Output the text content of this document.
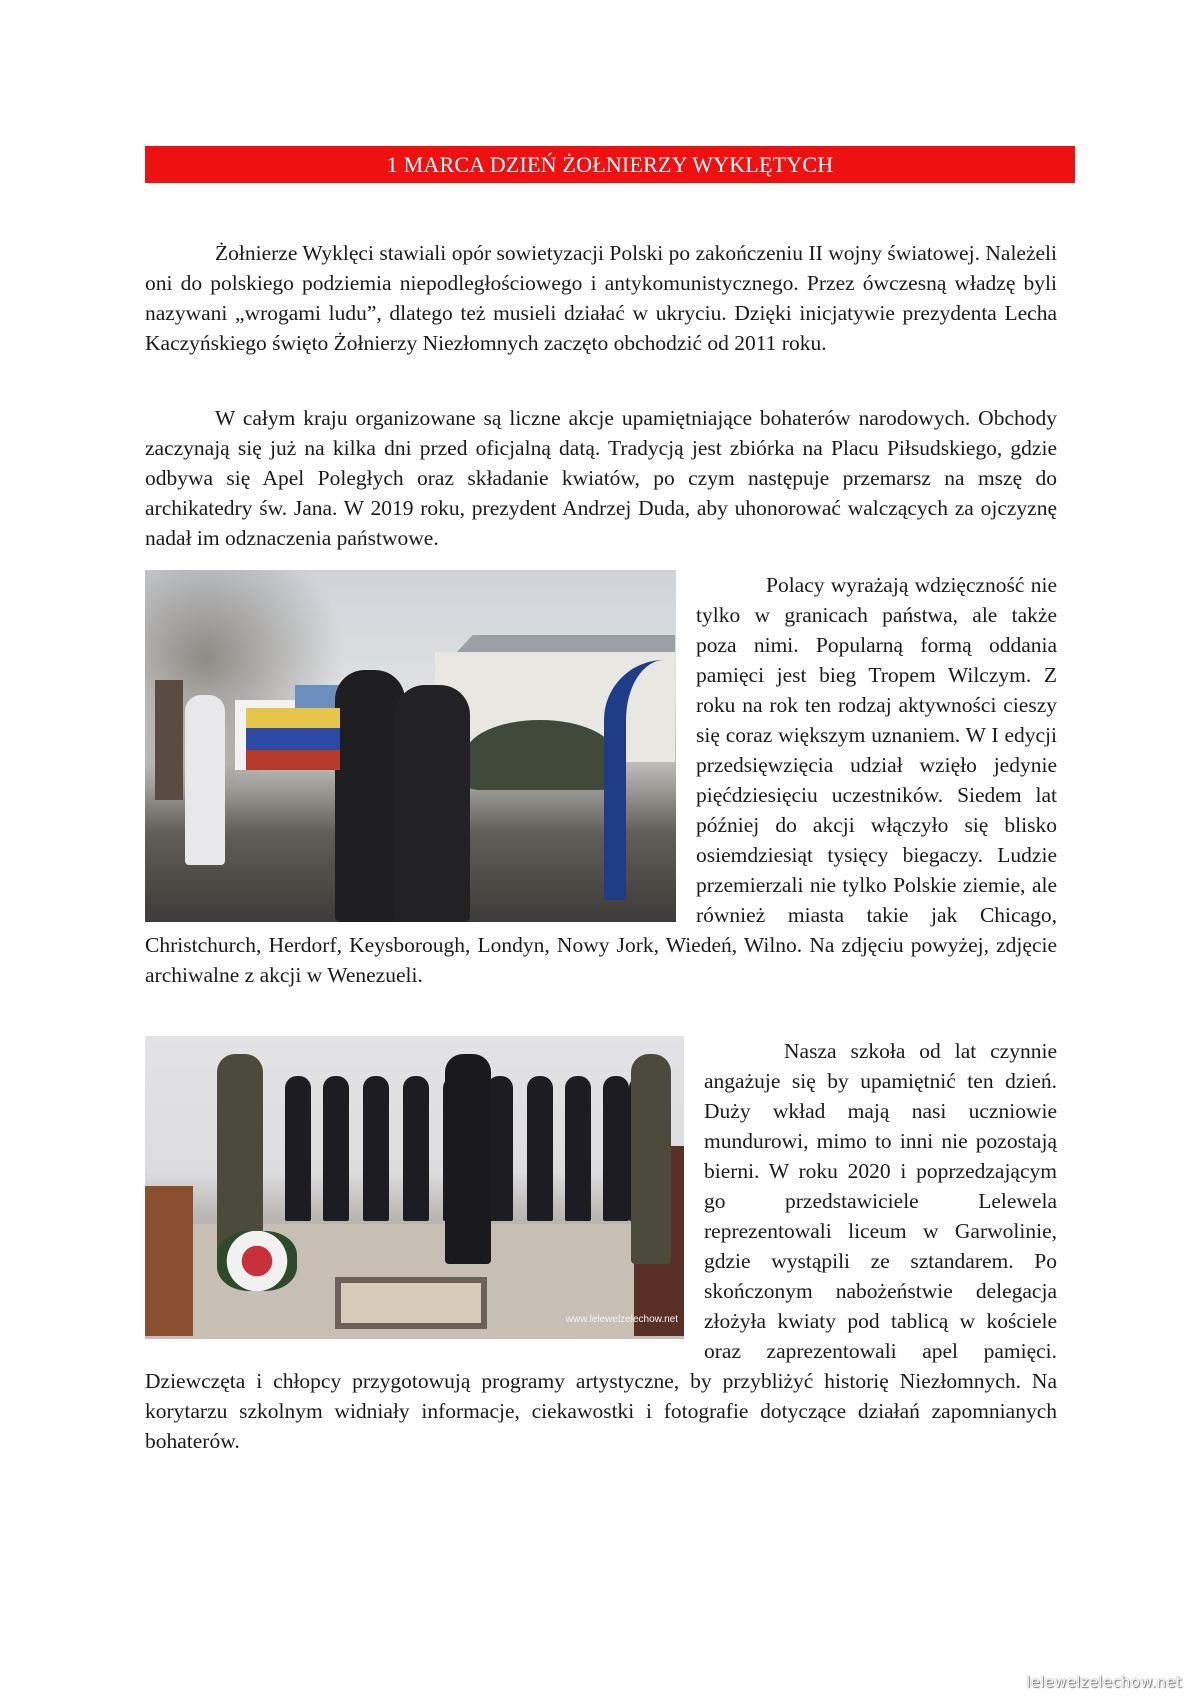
1 MARCA DZIEŃ ŻOŁNIERZY WYKLĘTYCH

Żołnierze Wyklęci stawiali opór sowietyzacji Polski po zakończeniu II wojny światowej. Należeli oni do polskiego podziemia niepodległościowego i antykomunistycznego. Przez ówczesną władzę byli nazywani „wrogami ludu”, dlatego też musieli działać w ukryciu. Dzięki inicjatywie prezydenta Lecha Kaczyńskiego święto Żołnierzy Niezłomnych zaczęto obchodzić od 2011 roku.

W całym kraju organizowane są liczne akcje upamiętniające bohaterów narodowych. Obchody zaczynają się już na kilka dni przed oficjalną datą. Tradycją jest zbiórka na Placu Piłsudskiego, gdzie odbywa się Apel Poległych oraz składanie kwiatów, po czym następuje przemarsz na mszę do archikatedry św. Jana. W 2019 roku, prezydent Andrzej Duda, aby uhonorować walczących za ojczyznę nadał im odznaczenia państwowe.

Polacy wyrażają wdzięczność nie tylko w granicach państwa, ale także poza nimi. Popularną formą oddania pamięci jest bieg Tropem Wilczym. Z roku na rok ten rodzaj aktywności cieszy się coraz większym uznaniem. W I edycji przedsięwzięcia udział wzięło jedynie pięćdziesięciu uczestników. Siedem lat później do akcji włączyło się blisko osiemdziesiąt tysięcy biegaczy. Ludzie przemierzali nie tylko Polskie ziemie, ale również miasta takie jak Chicago, Christchurch, Herdorf, Keysborough, Londyn, Nowy Jork, Wiedeń, Wilno. Na zdjęciu powyżej, zdjęcie archiwalne z akcji w Wenezueli.
www.lelewelzelechow.net
Nasza szkoła od lat czynnie angażuje się by upamiętnić ten dzień. Duży wkład mają nasi uczniowie mundurowi, mimo to inni nie pozostają bierni. W roku 2020 i poprzedzającym go przedstawiciele Lelewela reprezentowali liceum w Garwolinie, gdzie wystąpili ze sztandarem. Po skończonym nabożeństwie delegacja złożyła kwiaty pod tablicą w kościele oraz zaprezentowali apel pamięci. Dziewczęta i chłopcy przygotowują programy artystyczne, by przybliżyć historię Niezłomnych. Na korytarzu szkolnym widniały informacje, ciekawostki i fotografie dotyczące działań zapomnianych bohaterów.
lelewelzelechow.net
